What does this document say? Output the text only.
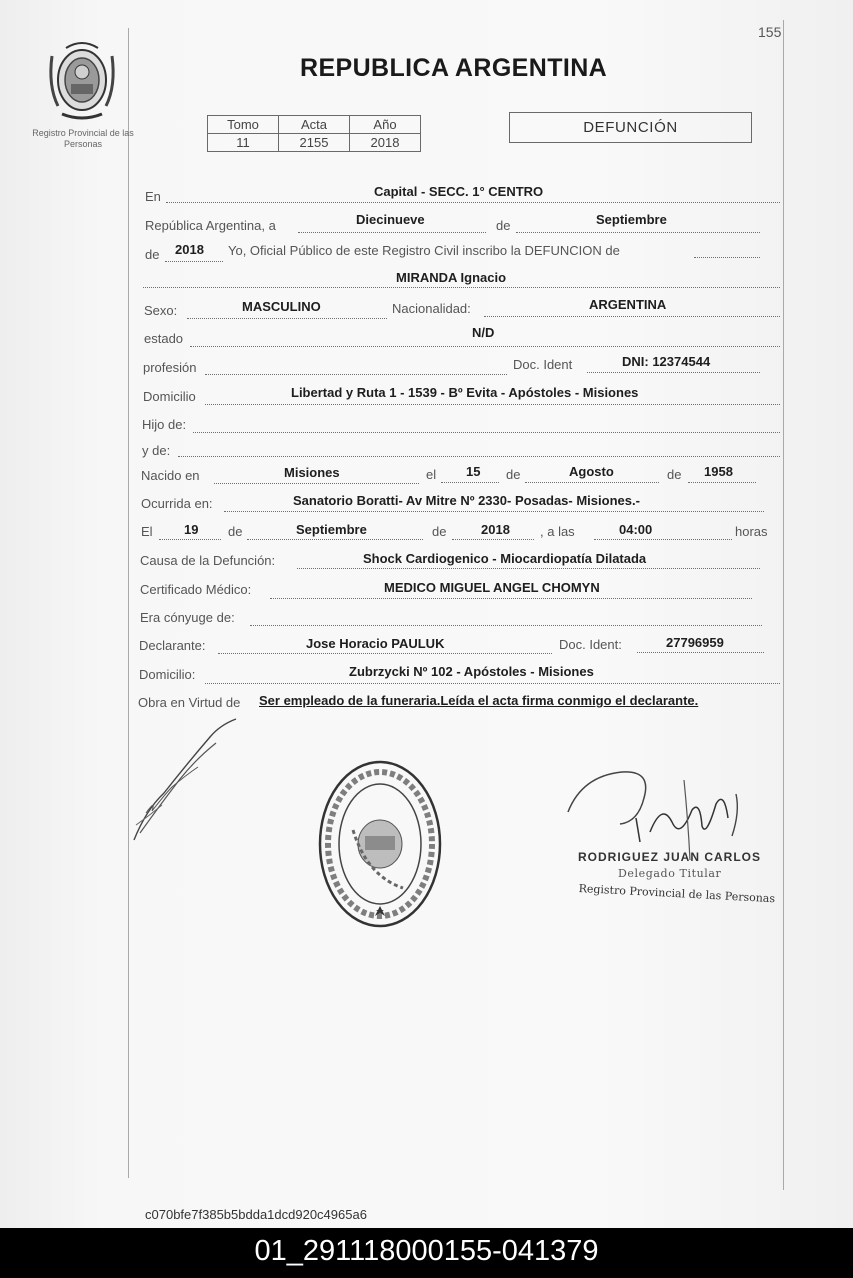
155
Registro Provincial de las Personas
REPUBLICA ARGENTINA
Tomo	Acta	Año
11	2155	2018
DEFUNCIÓN
En	Capital - SECC. 1° CENTRO
República Argentina, a	Diecinueve	de	Septiembre
de 2018 Yo, Oficial Público de este Registro Civil inscribo la DEFUNCION de
MIRANDA Ignacio
Sexo:	MASCULINO	Nacionalidad:	ARGENTINA
estado	N/D
profesión	Doc. Ident	DNI: 12374544
Domicilio	Libertad y Ruta 1 - 1539 - Bº Evita - Apóstoles - Misiones
Hijo de:
y de:
Nacido en	Misiones	el 15 de	Agosto	de 1958
Ocurrida en:	Sanatorio Boratti- Av Mitre Nº 2330- Posadas- Misiones.-
El 19 de	Septiembre	de	2018 , a las	04:00	horas
Causa de la Defunción:	Shock Cardiogenico - Miocardiopatía Dilatada
Certificado Médico:	MEDICO MIGUEL ANGEL CHOMYN
Era cónyuge de:
Declarante:	Jose Horacio PAULUK	Doc. Ident:	27796959
Domicilio:	Zubrzycki Nº 102 - Apóstoles - Misiones
Obra en Virtud de Ser empleado de la funeraria.Leída el acta firma conmigo el declarante.
RODRIGUEZ JUAN CARLOS
Delegado Titular
Registro Provincial de las Personas
c070bfe7f385b5bdda1dcd920c4965a6
01_291118000155-041379
